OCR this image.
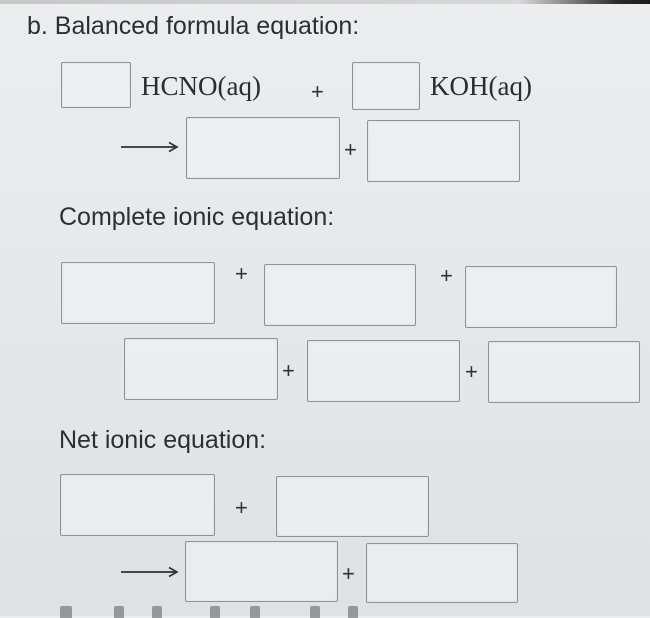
b. Balanced formula equation:
HCNO(aq) +	KOH(aq)
+
Complete ionic equation:
+	+
+	+
Net ionic equation:
+
+
